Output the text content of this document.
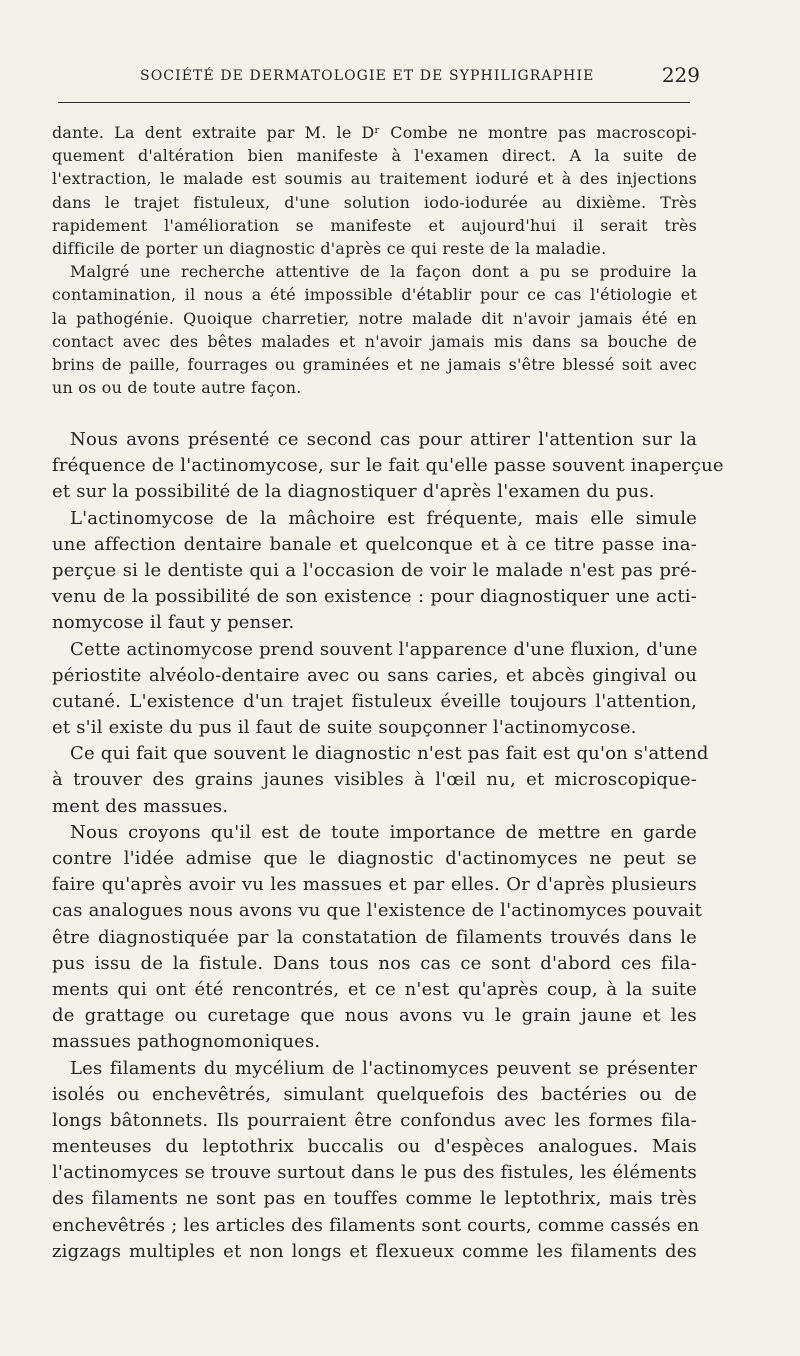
SOCIÉTÉ DE DERMATOLOGIE ET DE SYPHILIGRAPHIE	229
dante. La dent extraite par M. le Dʳ Combe ne montre pas macroscopi-
quement d'altération bien manifeste à l'examen direct. A la suite de
l'extraction, le malade est soumis au traitement ioduré et à des injections
dans le trajet fistuleux, d'une solution iodo-iodurée au dixième. Très
rapidement l'amélioration se manifeste et aujourd'hui il serait très
difficile de porter un diagnostic d'après ce qui reste de la maladie.
Malgré une recherche attentive de la façon dont a pu se produire la
contamination, il nous a été impossible d'établir pour ce cas l'étiologie et
la pathogénie. Quoique charretier, notre malade dit n'avoir jamais été en
contact avec des bêtes malades et n'avoir jamais mis dans sa bouche de
brins de paille, fourrages ou graminées et ne jamais s'être blessé soit avec
un os ou de toute autre façon.
Nous avons présenté ce second cas pour attirer l'attention sur la
fréquence de l'actinomycose, sur le fait qu'elle passe souvent inaperçue
et sur la possibilité de la diagnostiquer d'après l'examen du pus.
L'actinomycose de la mâchoire est fréquente, mais elle simule
une affection dentaire banale et quelconque et à ce titre passe ina-
perçue si le dentiste qui a l'occasion de voir le malade n'est pas pré-
venu de la possibilité de son existence : pour diagnostiquer une acti-
nomycose il faut y penser.
Cette actinomycose prend souvent l'apparence d'une fluxion, d'une
périostite alvéolo-dentaire avec ou sans caries, et abcès gingival ou
cutané. L'existence d'un trajet fistuleux éveille toujours l'attention,
et s'il existe du pus il faut de suite soupçonner l'actinomycose.
Ce qui fait que souvent le diagnostic n'est pas fait est qu'on s'attend
à trouver des grains jaunes visibles à l'œil nu, et microscopique-
ment des massues.
Nous croyons qu'il est de toute importance de mettre en garde
contre l'idée admise que le diagnostic d'actinomyces ne peut se
faire qu'après avoir vu les massues et par elles. Or d'après plusieurs
cas analogues nous avons vu que l'existence de l'actinomyces pouvait
être diagnostiquée par la constatation de filaments trouvés dans le
pus issu de la fistule. Dans tous nos cas ce sont d'abord ces fila-
ments qui ont été rencontrés, et ce n'est qu'après coup, à la suite
de grattage ou curetage que nous avons vu le grain jaune et les
massues pathognomoniques.
Les filaments du mycélium de l'actinomyces peuvent se présenter
isolés ou enchevêtrés, simulant quelquefois des bactéries ou de
longs bâtonnets. Ils pourraient être confondus avec les formes fila-
menteuses du leptothrix buccalis ou d'espèces analogues. Mais
l'actinomyces se trouve surtout dans le pus des fistules, les éléments
des filaments ne sont pas en touffes comme le leptothrix, mais très
enchevêtrés ; les articles des filaments sont courts, comme cassés en
zigzags multiples et non longs et flexueux comme les filaments des
